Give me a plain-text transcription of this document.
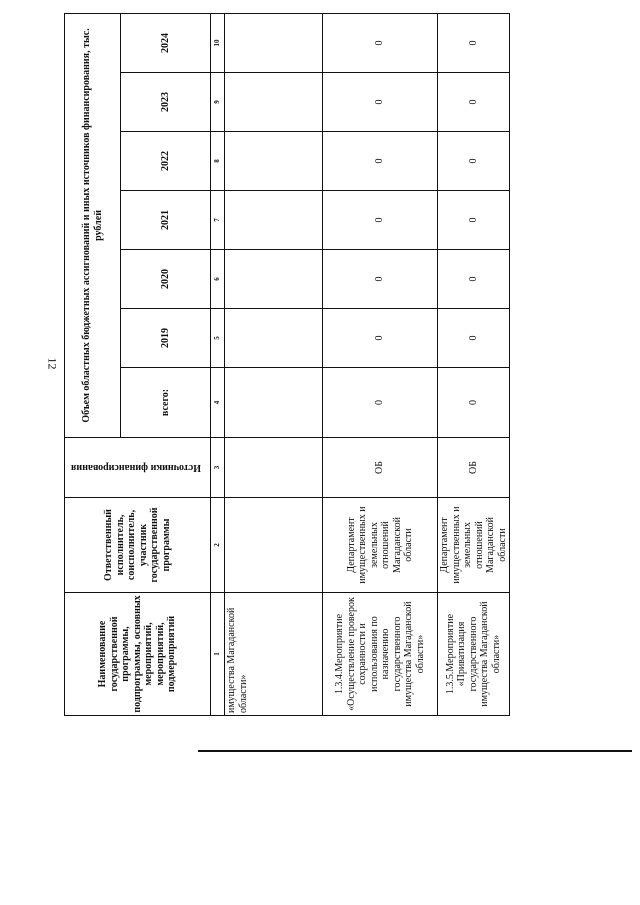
12
Наименование государственной программы, подпрограммы, основных мероприятий, мероприятий, подмероприятий	Ответственный исполнитель, соисполнитель, участник государственной программы	Источники финансирования	Объем областных бюджетных ассигнований и иных источников финансирования, тыс. рублей						
			всего:	2019	2020	2021	2022	2023	2024
1	2	3	4	5	6	7	8	9	10
имущества Магаданской области»									
1.3.4.Мероприятие «Осуществление проверок сохранности и использования по назначению государственного имущества Магаданской области»	Департамент имущественных и земельных отношений Магаданской области	ОБ	0	0	0	0	0	0	0
1.3.5.Мероприятие «Приватизация государственного имущества Магаданской области»	Департамент имущественных и земельных отношений Магаданской области	ОБ	0	0	0	0	0	0	0
